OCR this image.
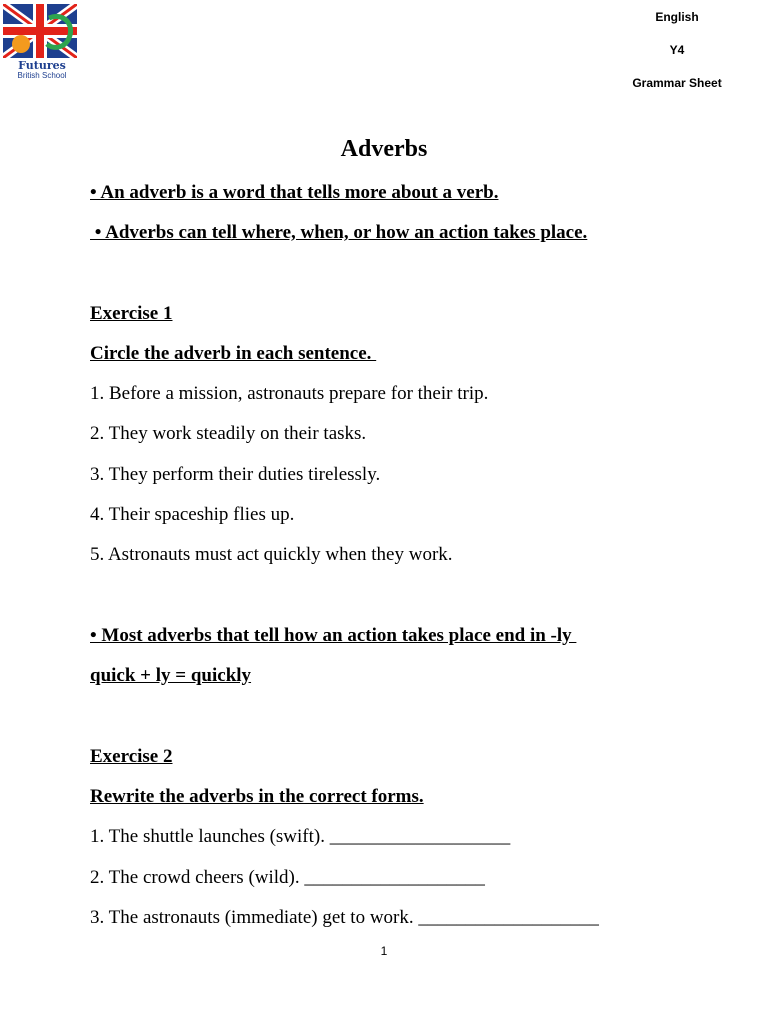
Futures
British School
English
Y4
Grammar Sheet
Adverbs
• An adverb is a word that tells more about a verb.
• Adverbs can tell where, when, or how an action takes place.
Exercise 1
Circle the adverb in each sentence.
1. Before a mission, astronauts prepare for their trip.
2. They work steadily on their tasks.
3. They perform their duties tirelessly.
4. Their spaceship flies up.
5. Astronauts must act quickly when they work.
• Most adverbs that tell how an action takes place end in -ly
quick + ly = quickly
Exercise 2
Rewrite the adverbs in the correct forms.
1. The shuttle launches (swift). ___________________
2. The crowd cheers (wild). ___________________
3. The astronauts (immediate) get to work. ___________________
1
